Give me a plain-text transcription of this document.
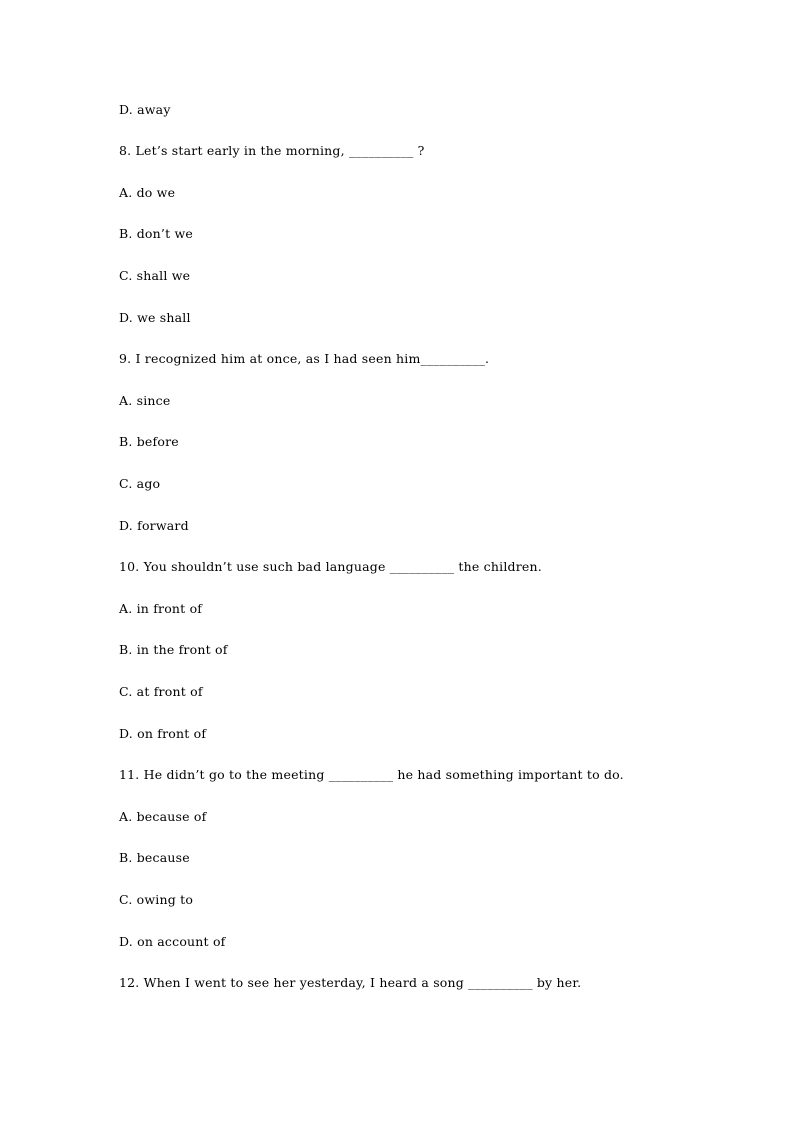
D. away
8. Let’s start early in the morning, __________ ?
A. do we
B. don’t we
C. shall we
D. we shall
9. I recognized him at once, as I had seen him__________.
A. since
B. before
C. ago
D. forward
10. You shouldn’t use such bad language __________ the children.
A. in front of
B. in the front of
C. at front of
D. on front of
11. He didn’t go to the meeting __________ he had something important to do.
A. because of
B. because
C. owing to
D. on account of
12. When I went to see her yesterday, I heard a song __________ by her.
